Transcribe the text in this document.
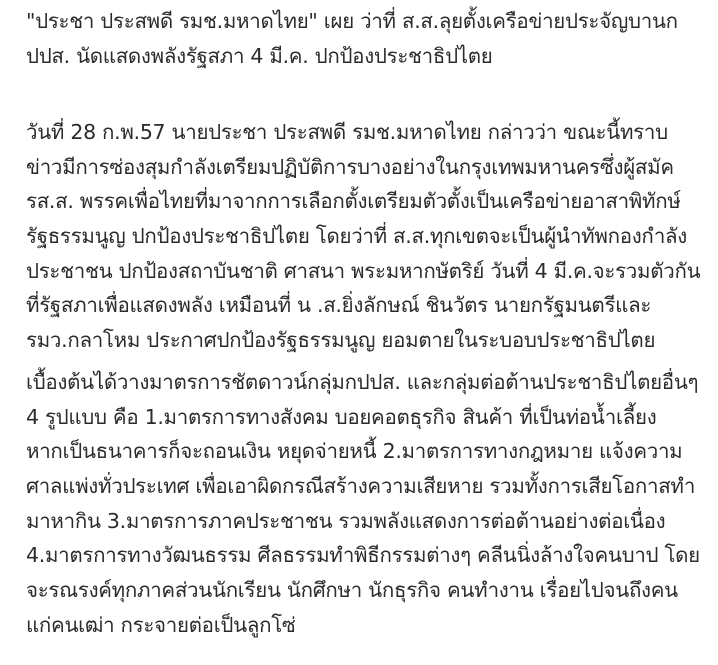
"ประชา ประสพดี รมช.มหาดไทย" เผย ว่าที่ ส.ส.ลุยตั้งเครือข่ายประจัญบานก
ปปส. นัดแสดงพลังรัฐสภา 4 มี.ค. ปกป้องประชาธิปไตย
วันที่ 28 ก.พ.57 นายประชา ประสพดี รมช.มหาดไทย กล่าวว่า ขณะนี้ทราบ
ข่าวมีการซ่องสุมกำลังเตรียมปฏิบัติการบางอย่างในกรุงเทพมหานครซึ่งผู้สมัค
รส.ส. พรรคเพื่อไทยที่มาจากการเลือกตั้งเตรียมตัวตั้งเป็นเครือข่ายอาสาพิทักษ์
รัฐธรรมนูญ ปกป้องประชาธิปไตย โดยว่าที่ ส.ส.ทุกเขตจะเป็นผู้นำทัพกองกำลัง
ประชาชน ปกป้องสถาบันชาติ ศาสนา พระมหากษัตริย์ วันที่ 4 มี.ค.จะรวมตัวกัน
ที่รัฐสภาเพื่อแสดงพลัง เหมือนที่ น .ส.ยิ่งลักษณ์ ชินวัตร นายกรัฐมนตรีและ
รมว.กลาโหม ประกาศปกป้องรัฐธรรมนูญ ยอมตายในระบอบประชาธิปไตย
เบื้องต้นได้วางมาตรการชัตดาวน์กลุ่มกปปส. และกลุ่มต่อต้านประชาธิปไตยอื่นๆ
4 รูปแบบ คือ 1.มาตรการทางสังคม บอยคอตธุรกิจ สินค้า ที่เป็นท่อน้ำเลี้ยง
หากเป็นธนาคารก็จะถอนเงิน หยุดจ่ายหนี้ 2.มาตรการทางกฎหมาย แจ้งความ
ศาลแพ่งทั่วประเทศ เพื่อเอาผิดกรณีสร้างความเสียหาย รวมทั้งการเสียโอกาสทำ
มาหากิน 3.มาตรการภาคประชาชน รวมพลังแสดงการต่อต้านอย่างต่อเนื่อง
4.มาตรการทางวัฒนธรรม ศีลธรรมทำพิธีกรรมต่างๆ คลีนนิ่งล้างใจคนบาป โดย
จะรณรงค์ทุกภาคส่วนนักเรียน นักศึกษา นักธุรกิจ คนทำงาน เรื่อยไปจนถึงคน
แก่คนเฒ่า กระจายต่อเป็นลูกโซ่
